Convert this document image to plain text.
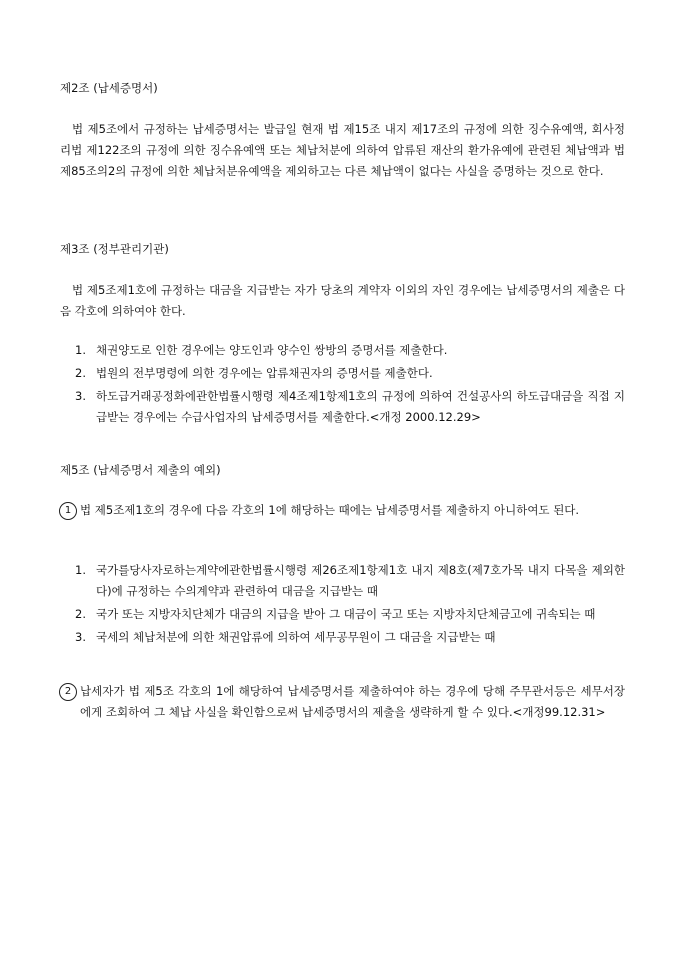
제2조 (납세증명서)
법 제5조에서 규정하는 납세증명서는 발급일 현재 법 제15조 내지 제17조의 규정에 의한 징수유예액, 회사정리법 제122조의 규정에 의한 징수유예액 또는 체납처분에 의하여 압류된 재산의 환가유예에 관련된 체납액과 법 제85조의2의 규정에 의한 체납처분유예액을 제외하고는 다른 체납액이 없다는 사실을 증명하는 것으로 한다.
제3조 (정부관리기관)
법 제5조제1호에 규정하는 대금을 지급받는 자가 당초의 계약자 이외의 자인 경우에는 납세증명서의 제출은 다음 각호에 의하여야 한다.
1. 채권양도로 인한 경우에는 양도인과 양수인 쌍방의 증명서를 제출한다.
2. 법원의 전부명령에 의한 경우에는 압류채권자의 증명서를 제출한다.
3. 하도급거래공정화에관한법률시행령 제4조제1항제1호의 규정에 의하여 건설공사의 하도급대금을 직접 지급받는 경우에는 수급사업자의 납세증명서를 제출한다.<개정 2000.12.29>
제5조 (납세증명서 제출의 예외)
1 법 제5조제1호의 경우에 다음 각호의 1에 해당하는 때에는 납세증명서를 제출하지 아니하여도 된다.
1. 국가를당사자로하는계약에관한법률시행령 제26조제1항제1호 내지 제8호(제7호가목 내지 다목을 제외한다)에 규정하는 수의계약과 관련하여 대금을 지급받는 때
2. 국가 또는 지방자치단체가 대금의 지급을 받아 그 대금이 국고 또는 지방자치단체금고에 귀속되는 때
3. 국세의 체납처분에 의한 채권압류에 의하여 세무공무원이 그 대금을 지급받는 때
2 납세자가 법 제5조 각호의 1에 해당하여 납세증명서를 제출하여야 하는 경우에 당해 주무관서등은 세무서장에게 조회하여 그 체납 사실을 확인함으로써 납세증명서의 제출을 생략하게 할 수 있다.<개정99.12.31>
